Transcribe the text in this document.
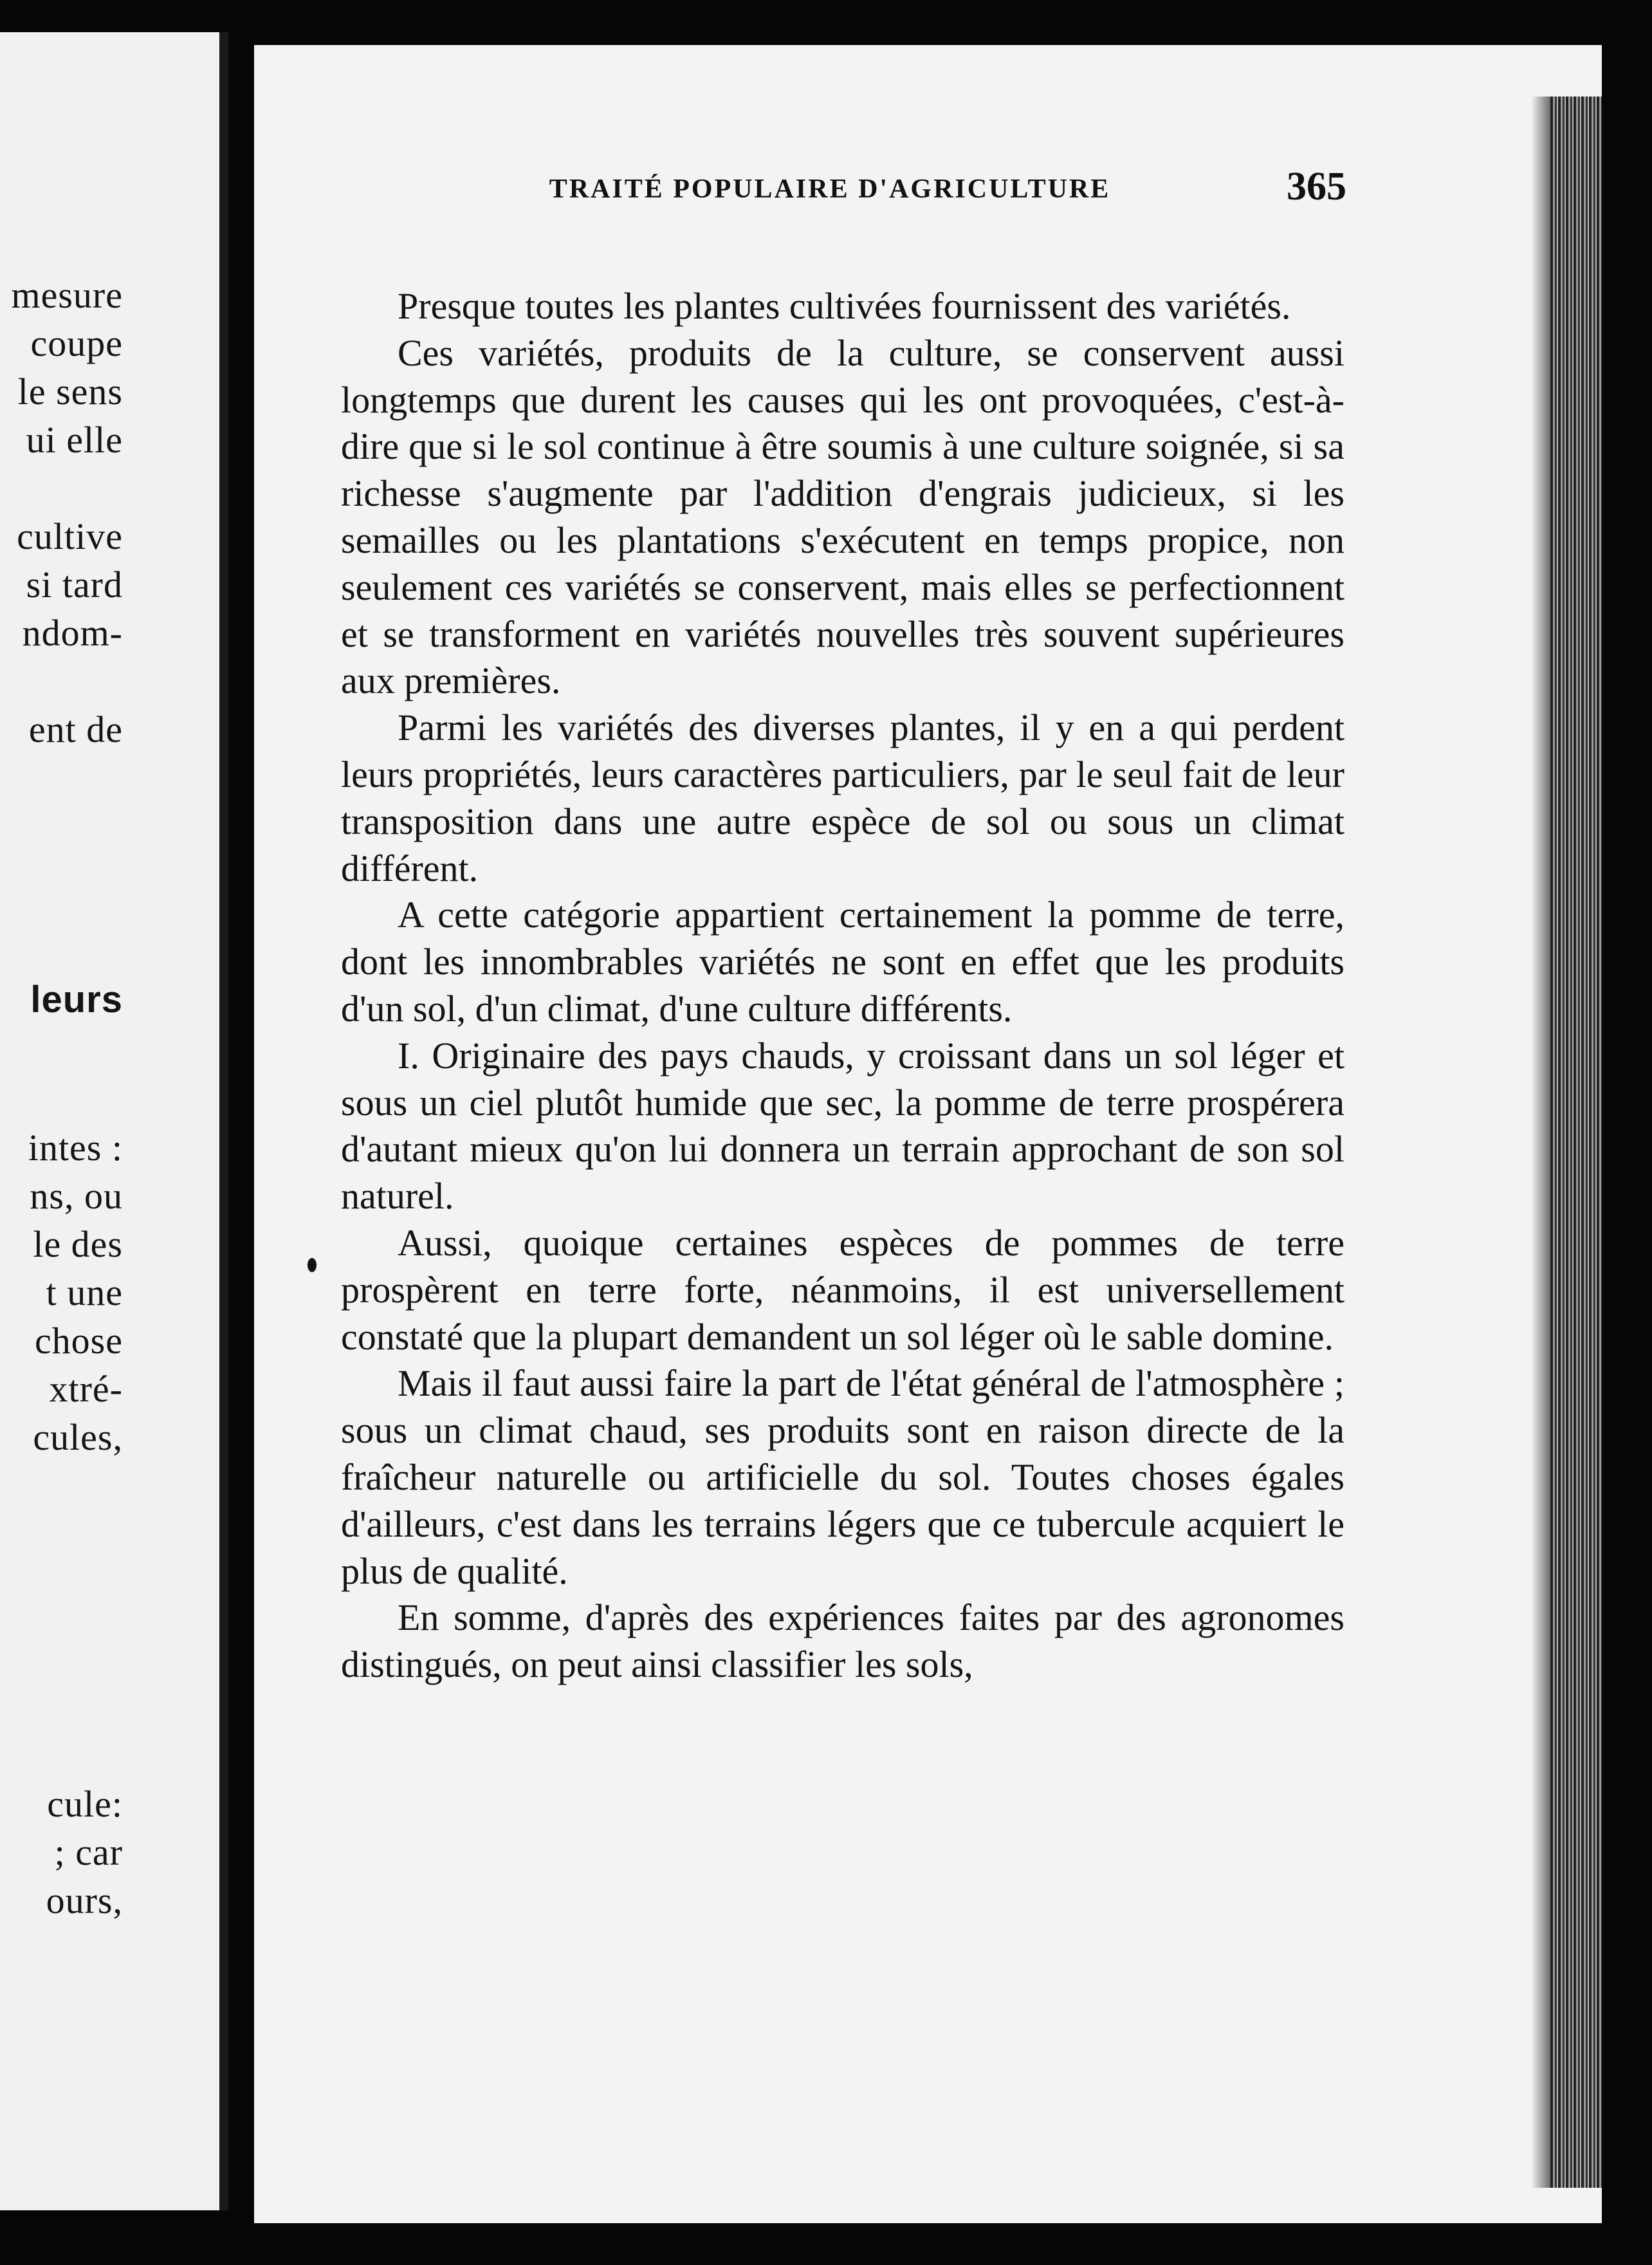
mesure
coupe
le sens
ui elle
cultive
si tard
ndom-
ent de
leurs
intes :
ns, ou
le des
t une
chose
xtré-
cules,
cule:
; car
ours,
TRAITÉ POPULAIRE D'AGRICULTURE	365

Presque toutes les plantes cultivées fournissent des variétés.

Ces variétés, produits de la culture, se conservent aussi longtemps que durent les causes qui les ont provoquées, c'est-à-dire que si le sol continue à être soumis à une culture soignée, si sa richesse s'augmente par l'addition d'engrais judicieux, si les semailles ou les plantations s'exécutent en temps propice, non seulement ces variétés se conservent, mais elles se perfectionnent et se transforment en variétés nouvelles très souvent supérieures aux premières.

Parmi les variétés des diverses plantes, il y en a qui perdent leurs propriétés, leurs caractères particuliers, par le seul fait de leur transposition dans une autre espèce de sol ou sous un climat différent.

A cette catégorie appartient certainement la pomme de terre, dont les innombrables variétés ne sont en effet que les produits d'un sol, d'un climat, d'une culture différents.

I. Originaire des pays chauds, y croissant dans un sol léger et sous un ciel plutôt humide que sec, la pomme de terre prospérera d'autant mieux qu'on lui donnera un terrain approchant de son sol naturel.

Aussi, quoique certaines espèces de pommes de terre prospèrent en terre forte, néanmoins, il est universellement constaté que la plupart demandent un sol léger où le sable domine.

Mais il faut aussi faire la part de l'état général de l'atmosphère ; sous un climat chaud, ses produits sont en raison directe de la fraîcheur naturelle ou artificielle du sol. Toutes choses égales d'ailleurs, c'est dans les terrains légers que ce tubercule acquiert le plus de qualité.

En somme, d'après des expériences faites par des agronomes distingués, on peut ainsi classifier les sols,
